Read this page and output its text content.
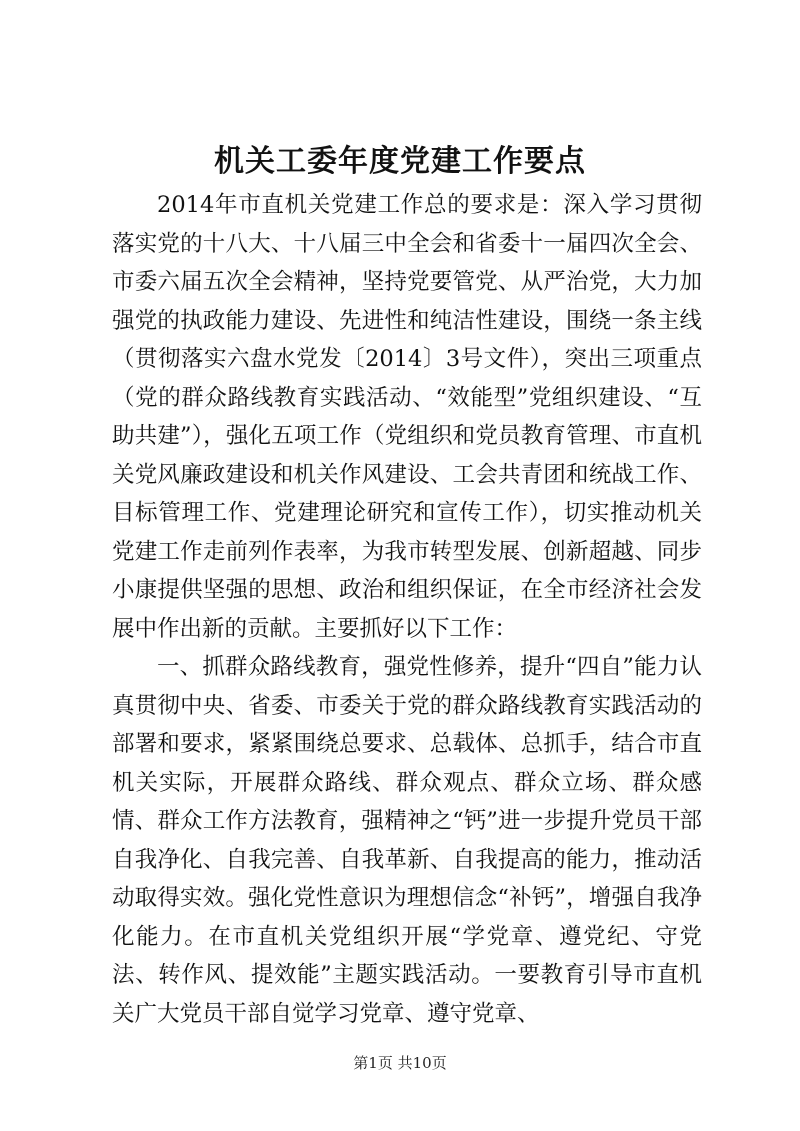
机关工委年度党建工作要点

2014年市直机关党建工作总的要求是：深入学习贯彻落实党的十八大、十八届三中全会和省委十一届四次全会、市委六届五次全会精神，坚持党要管党、从严治党，大力加强党的执政能力建设、先进性和纯洁性建设，围绕一条主线（贯彻落实六盘水党发〔2014〕3号文件），突出三项重点（党的群众路线教育实践活动、“效能型”党组织建设、“互助共建”），强化五项工作（党组织和党员教育管理、市直机关党风廉政建设和机关作风建设、工会共青团和统战工作、目标管理工作、党建理论研究和宣传工作），切实推动机关党建工作走前列作表率，为我市转型发展、创新超越、同步小康提供坚强的思想、政治和组织保证，在全市经济社会发展中作出新的贡献。主要抓好以下工作：

一、抓群众路线教育，强党性修养，提升“四自”能力认真贯彻中央、省委、市委关于党的群众路线教育实践活动的部署和要求，紧紧围绕总要求、总载体、总抓手，结合市直机关实际，开展群众路线、群众观点、群众立场、群众感情、群众工作方法教育，强精神之“钙”进一步提升党员干部自我净化、自我完善、自我革新、自我提高的能力，推动活动取得实效。强化党性意识为理想信念“补钙”，增强自我净化能力。在市直机关党组织开展“学党章、遵党纪、守党法、转作风、提效能”主题实践活动。一要教育引导市直机关广大党员干部自觉学习党章、遵守党章、

第1页 共10页
